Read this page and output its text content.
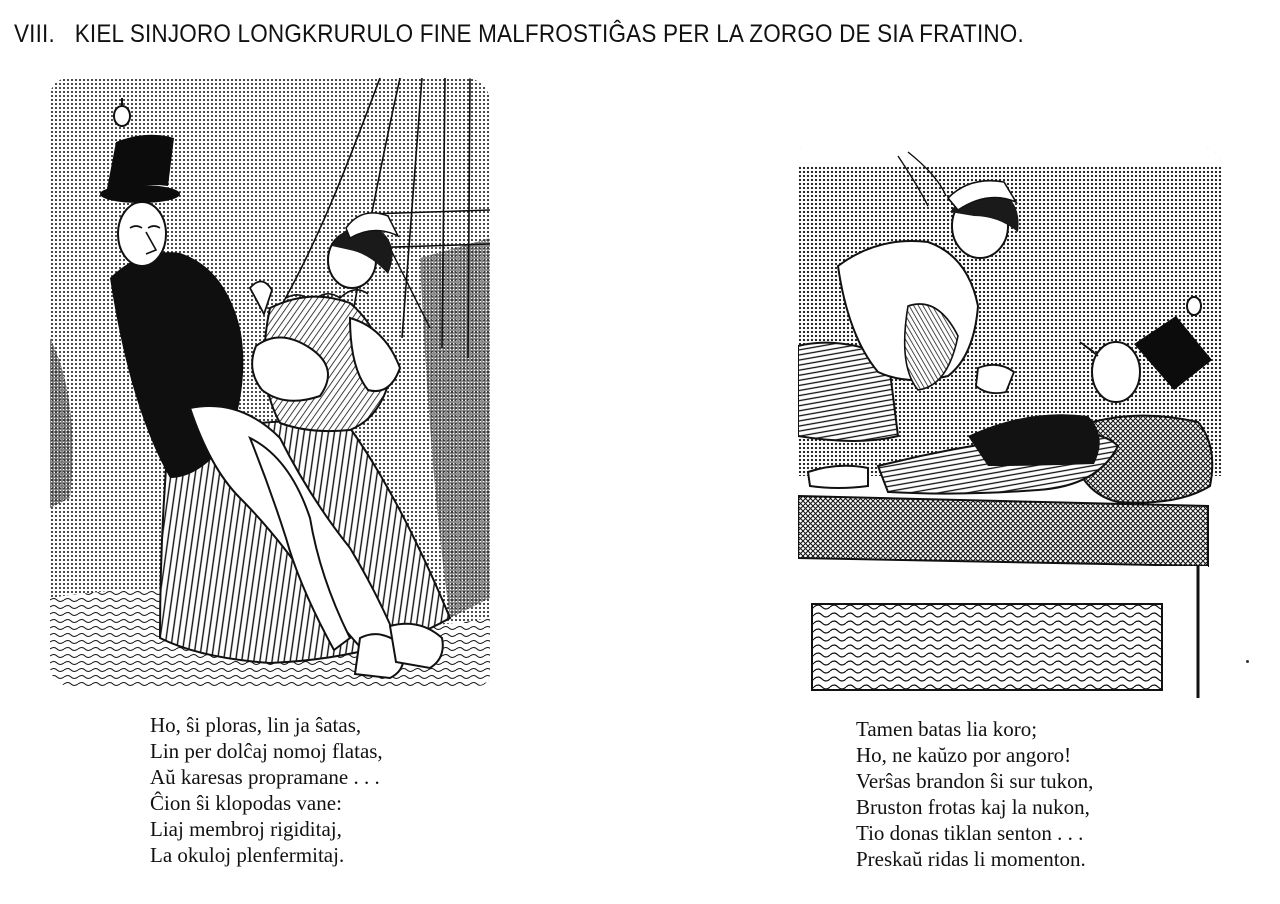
VIII. KIEL SINJORO LONGKRURULO FINE MALFROSTIĜAS PER LA ZORGO DE SIA FRATINO.
Ho, ŝi ploras, lin ja ŝatas,
Lin per dolĉaj nomoj flatas,
Aŭ karesas propramane . . .
Ĉion ŝi klopodas vane:
Liaj membroj rigiditaj,
La okuloj plenfermitaj.
Tamen batas lia koro;
Ho, ne kaŭzo por angoro!
Verŝas brandon ŝi sur tukon,
Bruston frotas kaj la nukon,
Tio donas tiklan senton . . .
Preskaŭ ridas li momenton.
